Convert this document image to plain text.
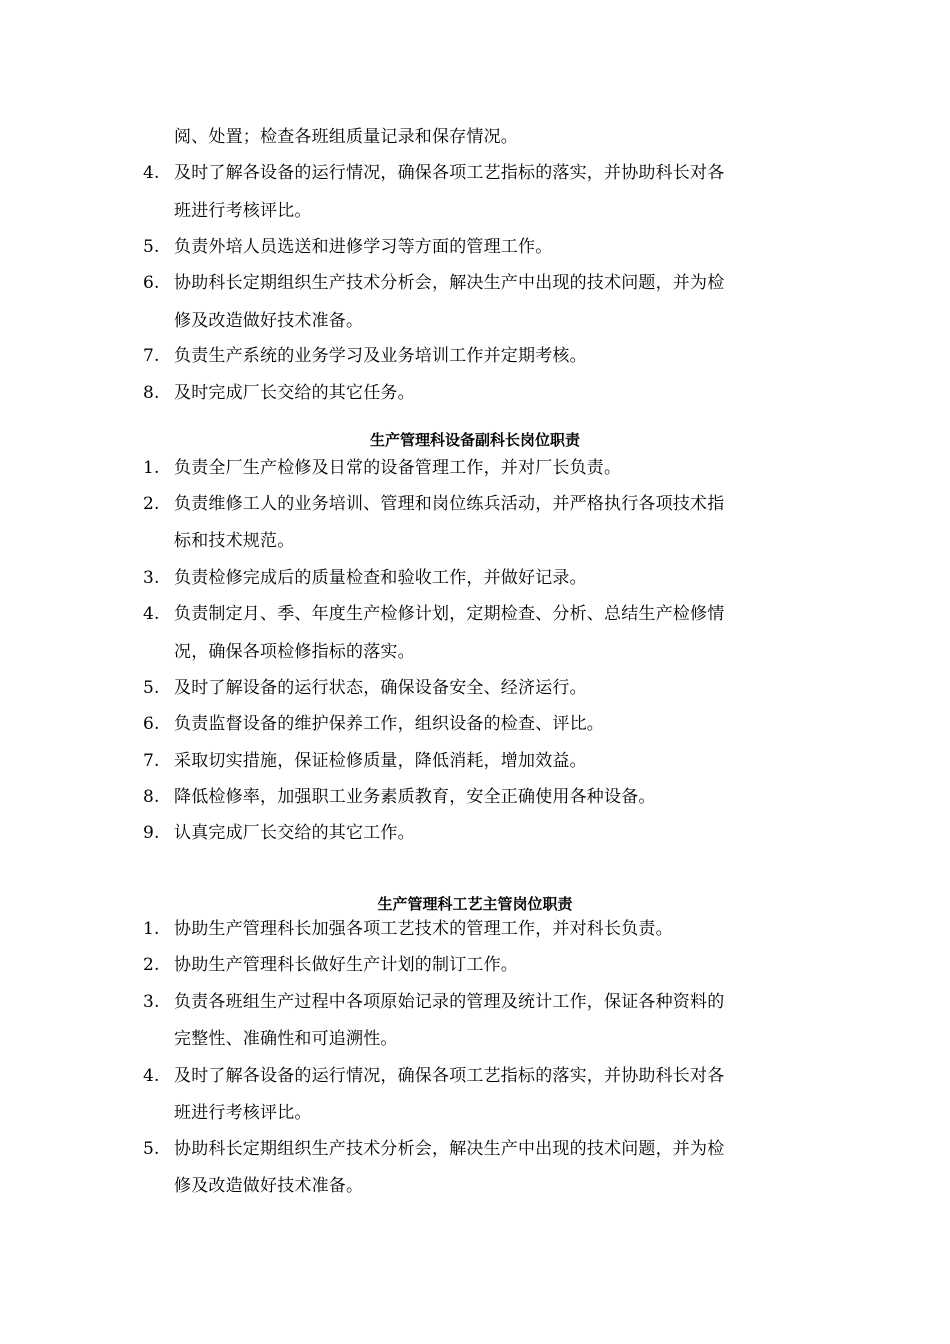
阅、处置；检查各班组质量记录和保存情况。
4. 及时了解各设备的运行情况，确保各项工艺指标的落实，并协助科长对各
班进行考核评比。
5. 负责外培人员选送和进修学习等方面的管理工作。
6. 协助科长定期组织生产技术分析会，解决生产中出现的技术问题，并为检
修及改造做好技术准备。
7. 负责生产系统的业务学习及业务培训工作并定期考核。
8. 及时完成厂长交给的其它任务。
生产管理科设备副科长岗位职责
1. 负责全厂生产检修及日常的设备管理工作，并对厂长负责。
2. 负责维修工人的业务培训、管理和岗位练兵活动，并严格执行各项技术指
标和技术规范。
3. 负责检修完成后的质量检查和验收工作，并做好记录。
4. 负责制定月、季、年度生产检修计划，定期检查、分析、总结生产检修情
况，确保各项检修指标的落实。
5. 及时了解设备的运行状态，确保设备安全、经济运行。
6. 负责监督设备的维护保养工作，组织设备的检查、评比。
7. 采取切实措施，保证检修质量，降低消耗，增加效益。
8. 降低检修率，加强职工业务素质教育，安全正确使用各种设备。
9. 认真完成厂长交给的其它工作。
生产管理科工艺主管岗位职责
1. 协助生产管理科长加强各项工艺技术的管理工作，并对科长负责。
2. 协助生产管理科长做好生产计划的制订工作。
3. 负责各班组生产过程中各项原始记录的管理及统计工作，保证各种资料的
完整性、准确性和可追溯性。
4. 及时了解各设备的运行情况，确保各项工艺指标的落实，并协助科长对各
班进行考核评比。
5. 协助科长定期组织生产技术分析会，解决生产中出现的技术问题，并为检
修及改造做好技术准备。
